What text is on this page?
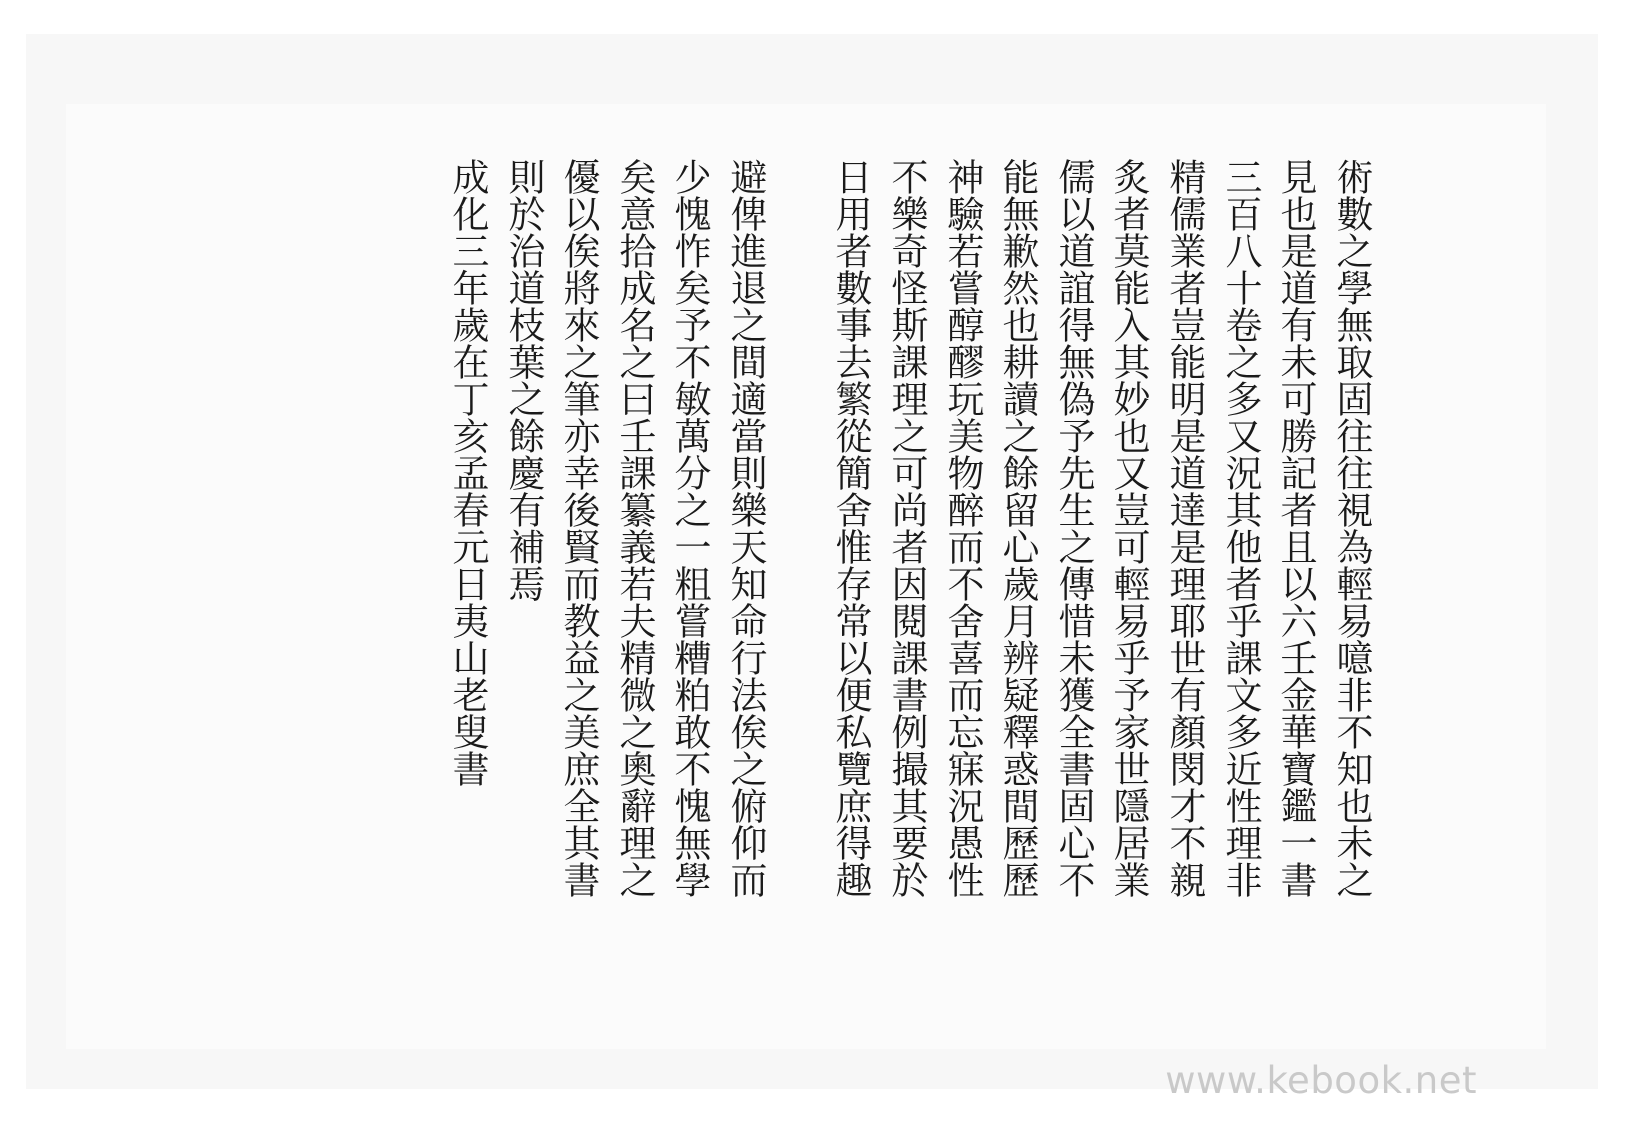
術數之學無取固往往視為輕易噫非不知也未之
見也是道有未可勝記者且以六壬金華寶鑑一書
三百八十卷之多又況其他者乎課文多近性理非
精儒業者豈能明是道達是理耶世有顏閔才不親
炙者莫能入其妙也又豈可輕易乎予家世隱居業
儒以道誼得無偽予先生之傳惜未獲全書固心不
能無歉然也耕讀之餘留心歲月辨疑釋惑間歷歷
神驗若嘗醇醪玩美物醉而不舍喜而忘寐況愚性
不樂奇怪斯課理之可尚者因閱課書例撮其要於
日用者數事去繁從簡舍惟存常以便私覽庶得趣
避俾進退之間適當則樂天知命行法俟之俯仰而
少愧怍矣予不敏萬分之一粗嘗糟粕敢不愧無學
矣意拾成名之曰壬課纂義若夫精微之奧辭理之
優以俟將來之筆亦幸後賢而教益之美庶全其書
則於治道枝葉之餘慶有補焉
成化三年歲在丁亥孟春元日夷山老叟書
www.kebook.net
